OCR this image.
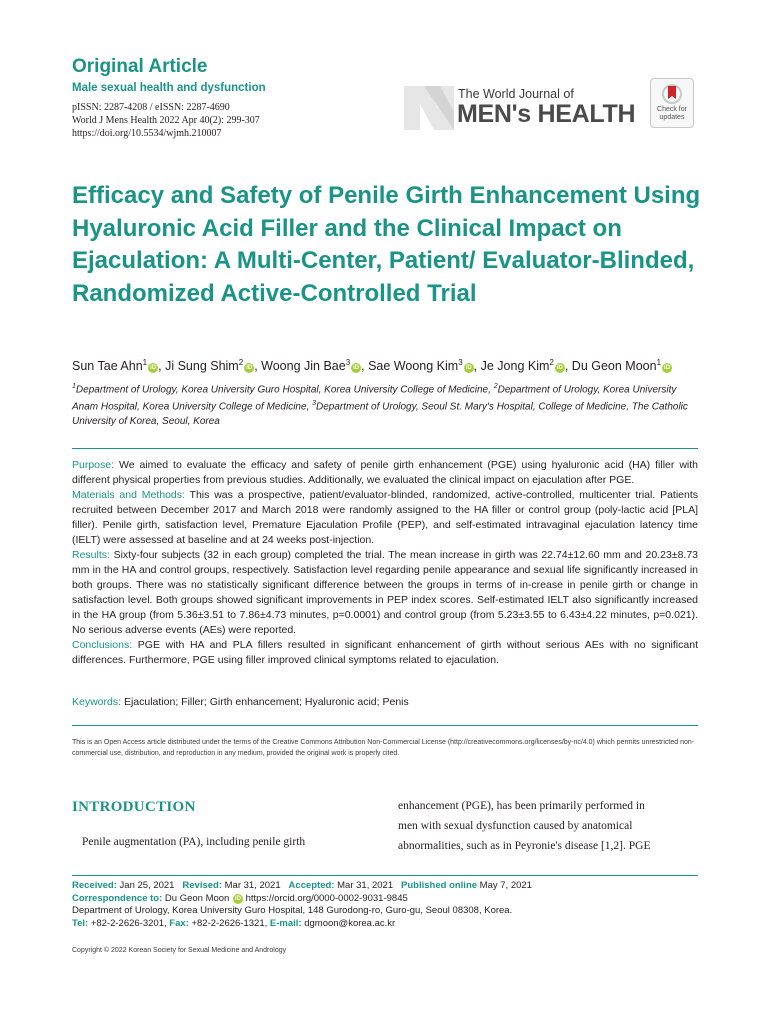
Original Article
Male sexual health and dysfunction
pISSN: 2287-4208 / eISSN: 2287-4690
World J Mens Health 2022 Apr 40(2): 299-307
https://doi.org/10.5534/wjmh.210007
The World Journal of
MEN's HEALTH	Check for
updates
Efficacy and Safety of Penile Girth Enhancement Using Hyaluronic Acid Filler and the Clinical Impact on Ejaculation: A Multi-Center, Patient/ Evaluator-Blinded, Randomized Active-Controlled Trial
Sun Tae Ahn$^1$iD , Ji Sung Shim$^2$iD , Woong Jin Bae$^3$iD , Sae Woong Kim$^3$iD , Je Jong Kim$^2$iD , Du Geon Moon$^1$iD
$^1$Department of Urology, Korea University Guro Hospital, Korea University College of Medicine, $^2$Department of Urology, Korea University Anam Hospital, Korea University College of Medicine, $^3$Department of Urology, Seoul St. Mary's Hospital, College of Medicine, The Catholic University of Korea, Seoul, Korea

Purpose: We aimed to evaluate the efficacy and safety of penile girth enhancement (PGE) using hyaluronic acid (HA) filler with different physical properties from previous studies. Additionally, we evaluated the clinical impact on ejaculation after PGE.

Materials and Methods: This was a prospective, patient/evaluator-blinded, randomized, active-controlled, multicenter trial. Patients recruited between December 2017 and March 2018 were randomly assigned to the HA filler or control group (poly-lactic acid [PLA] filler). Penile girth, satisfaction level, Premature Ejaculation Profile (PEP), and self-estimated intravaginal ejaculation latency time (IELT) were assessed at baseline and at 24 weeks post-injection.

Results: Sixty-four subjects (32 in each group) completed the trial. The mean increase in girth was 22.74±12.60 mm and 20.23±8.73 mm in the HA and control groups, respectively. Satisfaction level regarding penile appearance and sexual life significantly increased in both groups. There was no statistically significant difference between the groups in terms of in-crease in penile girth or change in satisfaction level. Both groups showed significant improvements in PEP index scores. Self-estimated IELT also significantly increased in the HA group (from 5.36±3.51 to 7.86±4.73 minutes, p=0.0001) and control group (from 5.23±3.55 to 6.43±4.22 minutes, p=0.021). No serious adverse events (AEs) were reported.

Conclusions: PGE with HA and PLA fillers resulted in significant enhancement of girth without serious AEs with no significant differences. Furthermore, PGE using filler improved clinical symptoms related to ejaculation.

Keywords: Ejaculation; Filler; Girth enhancement; Hyaluronic acid; Penis
This is an Open Access article distributed under the terms of the Creative Commons Attribution Non-Commercial License (http://creativecommons.org/licenses/by-nc/4.0) which permits unrestricted non-commercial use, distribution, and reproduction in any medium, provided the original work is properly cited.
INTRODUCTION
Penile augmentation (PA), including penile girth
enhancement (PGE), has been primarily performed in
men with sexual dysfunction caused by anatomical
abnormalities, such as in Peyronie's disease [1,2]. PGE
Received: Jan 25, 2021 Revised: Mar 31, 2021 Accepted: Mar 31, 2021 Published online May 7, 2021
Correspondence to: Du Geon Moon iD https://orcid.org/0000-0002-9031-9845
Department of Urology, Korea University Guro Hospital, 148 Gurodong-ro, Guro-gu, Seoul 08308, Korea.
Tel: +82-2-2626-3201, Fax: +82-2-2626-1321, E-mail: dgmoon@korea.ac.kr
Copyright © 2022 Korean Society for Sexual Medicine and Andrology
